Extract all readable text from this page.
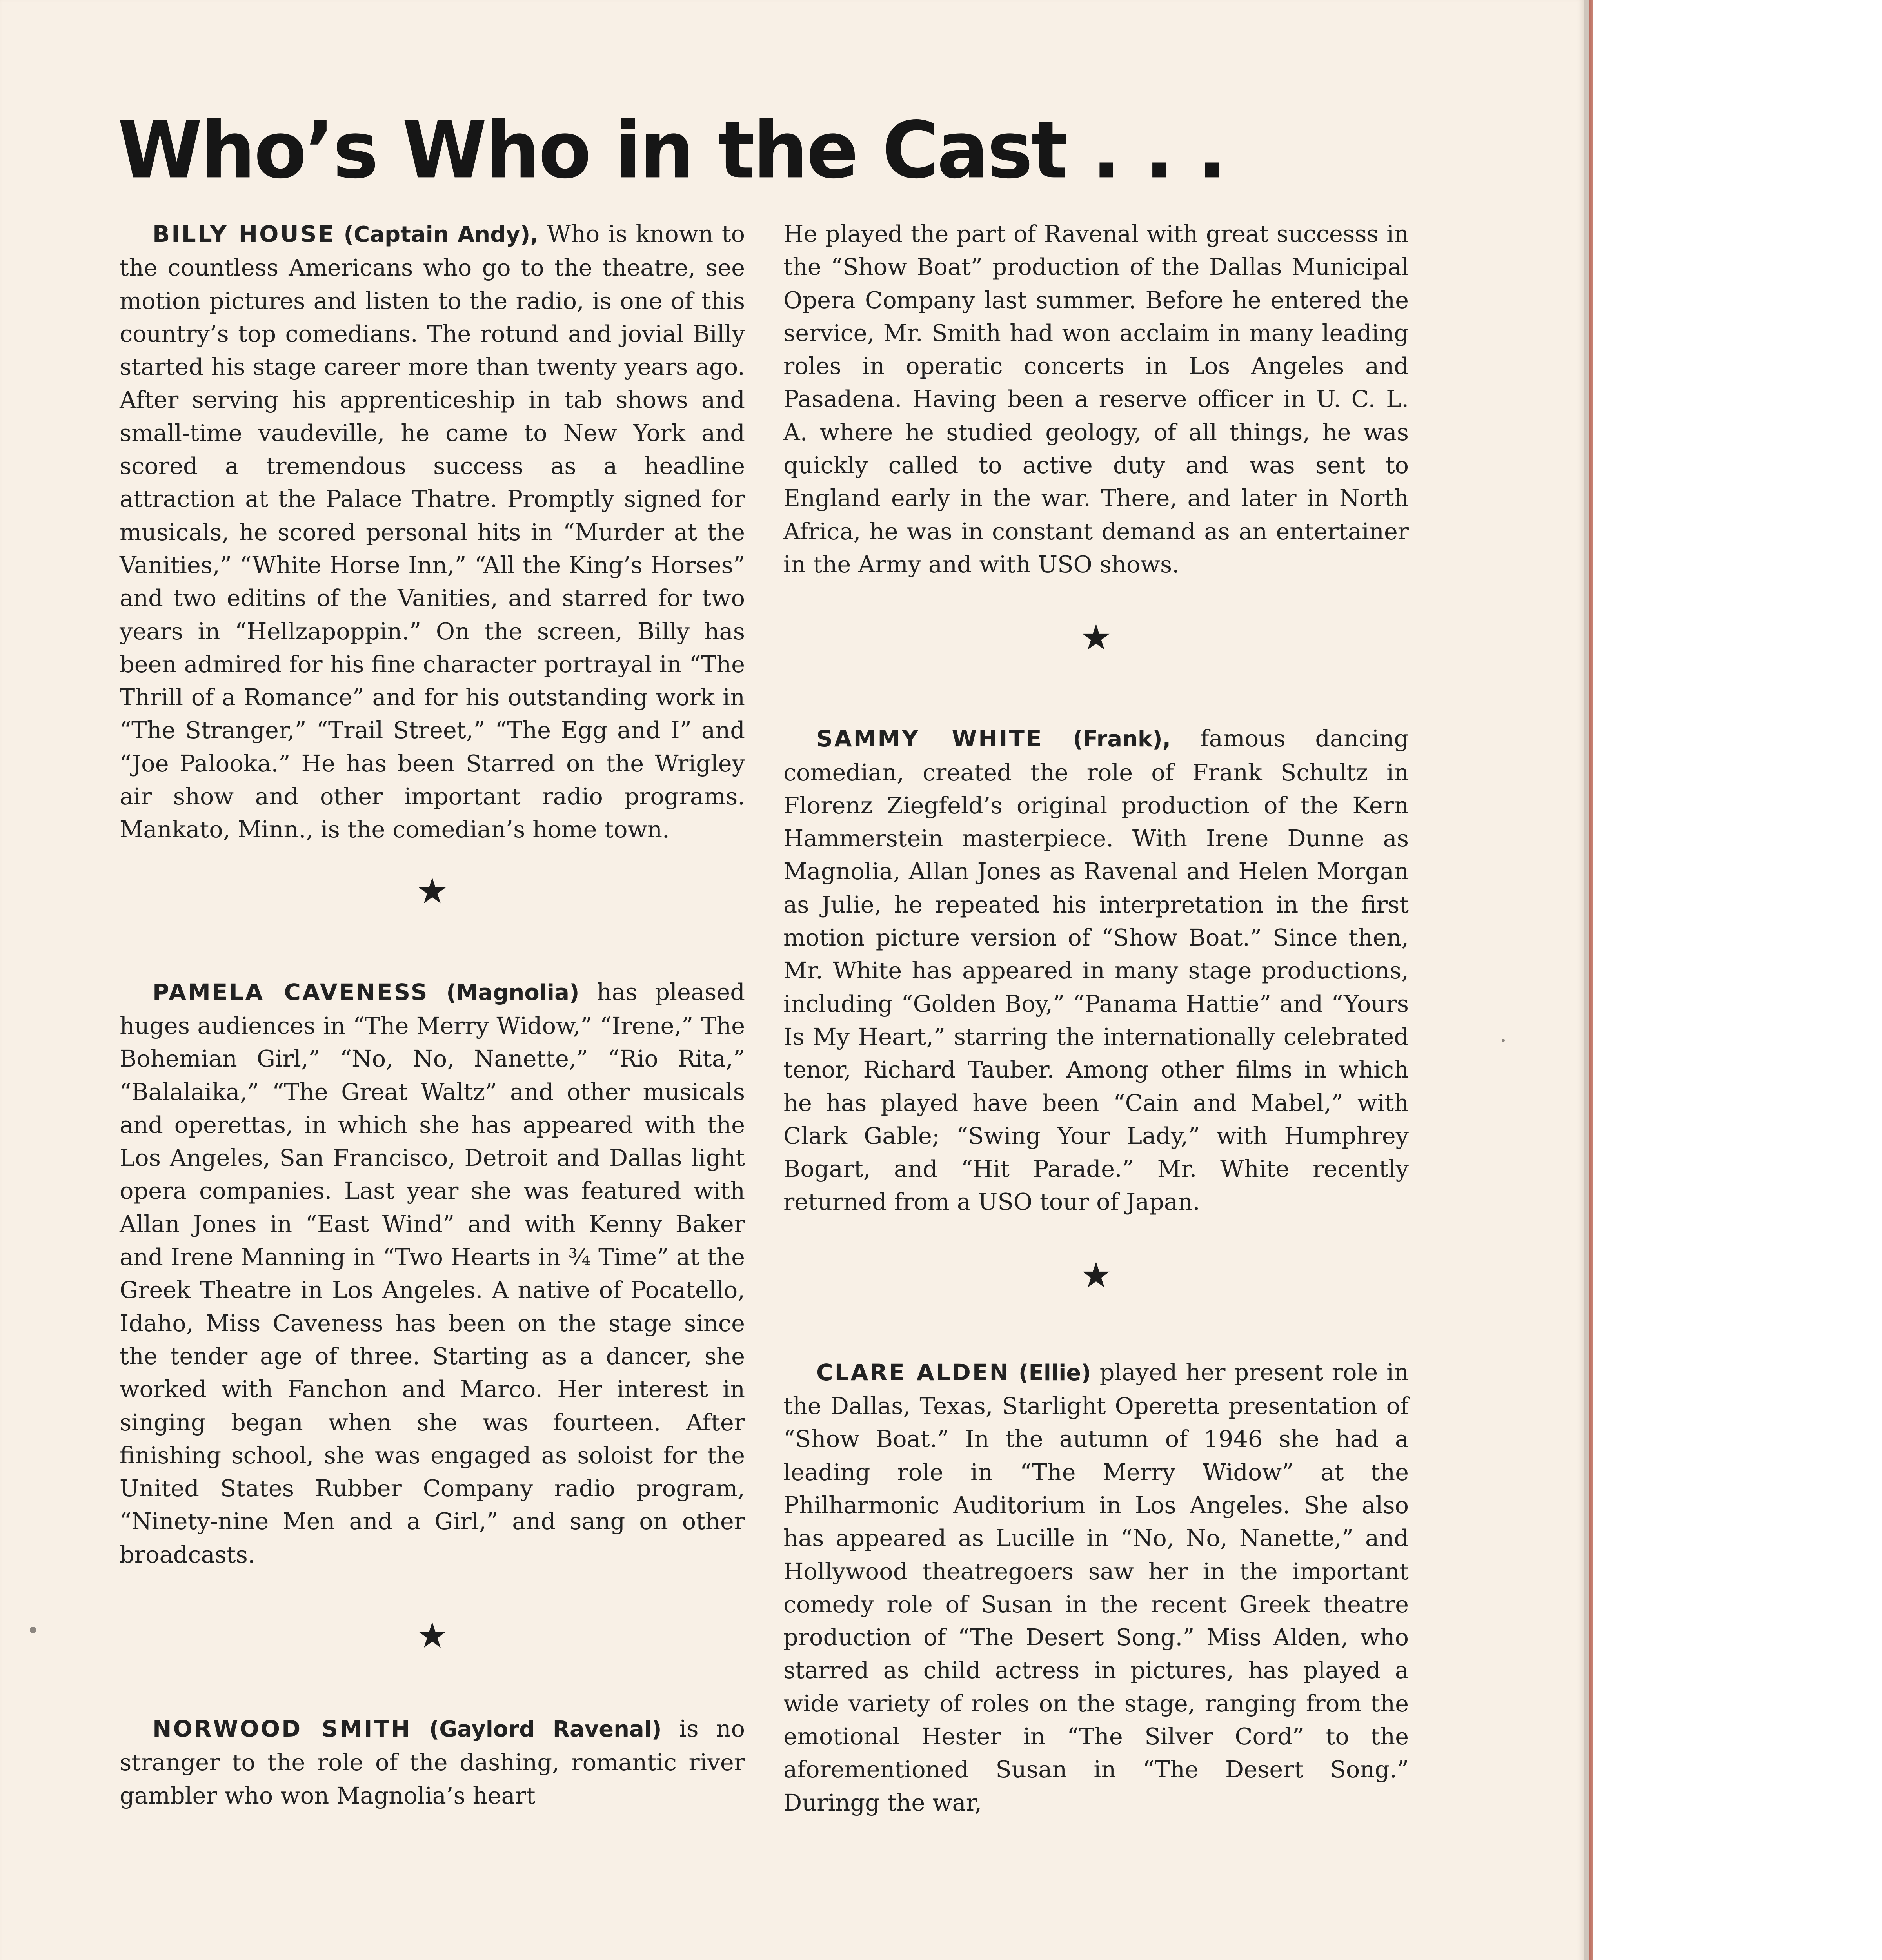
Who’s Who in the Cast . . .

BILLY HOUSE (Captain Andy), Who is known to the countless Americans who go to the theatre, see motion pictures and listen to the radio, is one of this country’s top comedians. The rotund and jovial Billy started his stage career more than twenty years ago. After serving his apprenticeship in tab shows and small-time vaudeville, he came to New York and scored a tremendous success as a headline attraction at the Palace Thatre. Promptly signed for musicals, he scored personal hits in “Murder at the Vanities,” “White Horse Inn,” “All the King’s Horses” and two editins of the Vanities, and starred for two years in “Hellzapoppin.” On the screen, Billy has been admired for his fine character portrayal in “The Thrill of a Romance” and for his outstanding work in “The Stranger,” “Trail Street,” “The Egg and I” and “Joe Palooka.” He has been Starred on the Wrigley air show and other important radio programs. Mankato, Minn., is the comedian’s home town.

★

PAMELA CAVENESS (Magnolia) has pleased huges audiences in “The Merry Widow,” “Irene,” The Bohemian Girl,” “No, No, Nanette,” “Rio Rita,” “Balalaika,” “The Great Waltz” and other musicals and operettas, in which she has appeared with the Los Angeles, San Francisco, Detroit and Dallas light opera companies. Last year she was featured with Allan Jones in “East Wind” and with Kenny Baker and Irene Manning in “Two Hearts in ¾ Time” at the Greek Theatre in Los Angeles. A native of Pocatello, Idaho, Miss Caveness has been on the stage since the tender age of three. Starting as a dancer, she worked with Fanchon and Marco. Her interest in singing began when she was fourteen. After finishing school, she was engaged as soloist for the United States Rubber Company radio program, “Ninety-nine Men and a Girl,” and sang on other broadcasts.

★

NORWOOD SMITH (Gaylord Ravenal) is no stranger to the role of the dashing, romantic river gambler who won Magnolia’s heart

He played the part of Ravenal with great successs in the “Show Boat” production of the Dallas Municipal Opera Company last summer. Before he entered the service, Mr. Smith had won acclaim in many leading roles in operatic concerts in Los Angeles and Pasadena. Having been a reserve officer in U. C. L. A. where he studied geology, of all things, he was quickly called to active duty and was sent to England early in the war. There, and later in North Africa, he was in constant demand as an entertainer in the Army and with USO shows.

★

SAMMY WHITE (Frank), famous dancing comedian, created the role of Frank Schultz in Florenz Ziegfeld’s original production of the Kern Hammerstein masterpiece. With Irene Dunne as Magnolia, Allan Jones as Ravenal and Helen Morgan as Julie, he repeated his interpretation in the first motion picture version of “Show Boat.” Since then, Mr. White has appeared in many stage productions, including “Golden Boy,” “Panama Hattie” and “Yours Is My Heart,” starring the internationally celebrated tenor, Richard Tauber. Among other films in which he has played have been “Cain and Mabel,” with Clark Gable; “Swing Your Lady,” with Humphrey Bogart, and “Hit Parade.” Mr. White recently returned from a USO tour of Japan.

★

CLARE ALDEN (Ellie) played her present role in the Dallas, Texas, Starlight Operetta presentation of “Show Boat.” In the autumn of 1946 she had a leading role in “The Merry Widow” at the Philharmonic Auditorium in Los Angeles. She also has appeared as Lucille in “No, No, Nanette,” and Hollywood theatregoers saw her in the important comedy role of Susan in the recent Greek theatre production of “The Desert Song.” Miss Alden, who starred as child actress in pictures, has played a wide variety of roles on the stage, ranging from the emotional Hester in “The Silver Cord” to the aforementioned Susan in “The Desert Song.” Duringg the war,
